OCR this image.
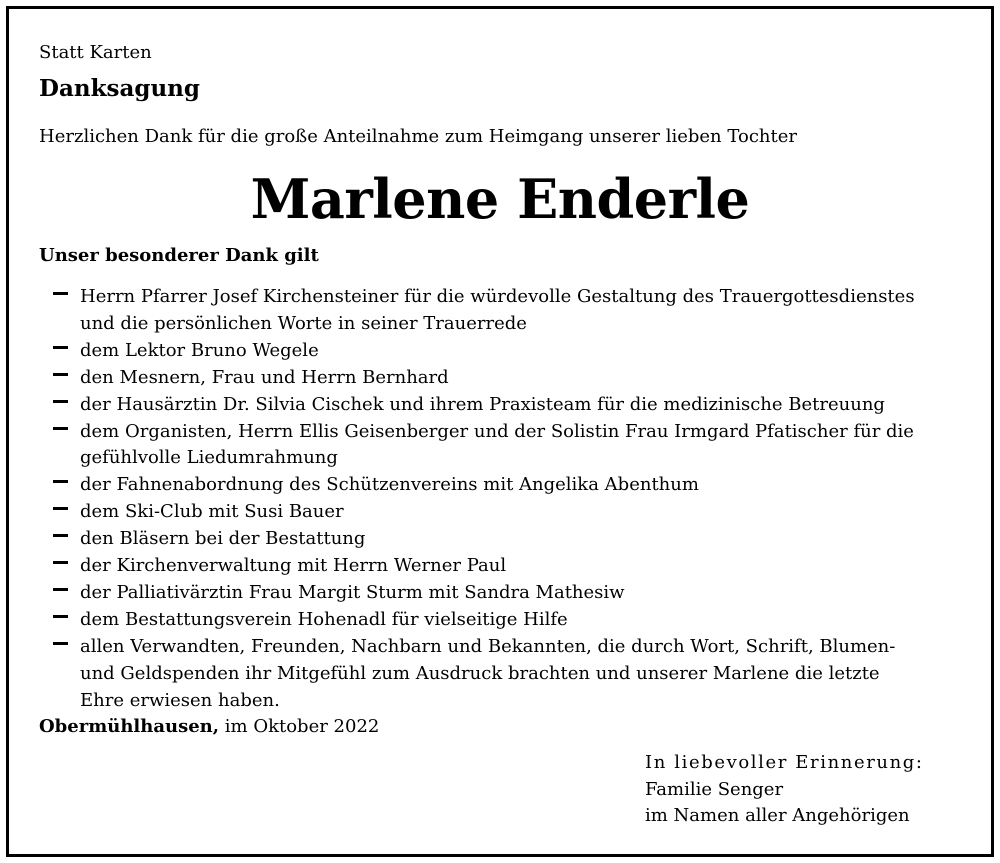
Statt Karten
Danksagung
Herzlichen Dank für die große Anteilnahme zum Heimgang unserer lieben Tochter
Marlene Enderle
Unser besonderer Dank gilt
Herrn Pfarrer Josef Kirchensteiner für die würdevolle Gestaltung des Trauergottesdienstes
und die persönlichen Worte in seiner Trauerrede
dem Lektor Bruno Wegele
den Mesnern, Frau und Herrn Bernhard
der Hausärztin Dr. Silvia Cischek und ihrem Praxisteam für die medizinische Betreuung
dem Organisten, Herrn Ellis Geisenberger und der Solistin Frau Irmgard Pfatischer für die
gefühlvolle Liedumrahmung
der Fahnenabordnung des Schützenvereins mit Angelika Abenthum
dem Ski-Club mit Susi Bauer
den Bläsern bei der Bestattung
der Kirchenverwaltung mit Herrn Werner Paul
der Palliativärztin Frau Margit Sturm mit Sandra Mathesiw
dem Bestattungsverein Hohenadl für vielseitige Hilfe
allen Verwandten, Freunden, Nachbarn und Bekannten, die durch Wort, Schrift, Blumen-
und Geldspenden ihr Mitgefühl zum Ausdruck brachten und unserer Marlene die letzte
Ehre erwiesen haben.
Obermühlhausen, im Oktober 2022
In liebevoller Erinnerung:
Familie Senger
im Namen aller Angehörigen
